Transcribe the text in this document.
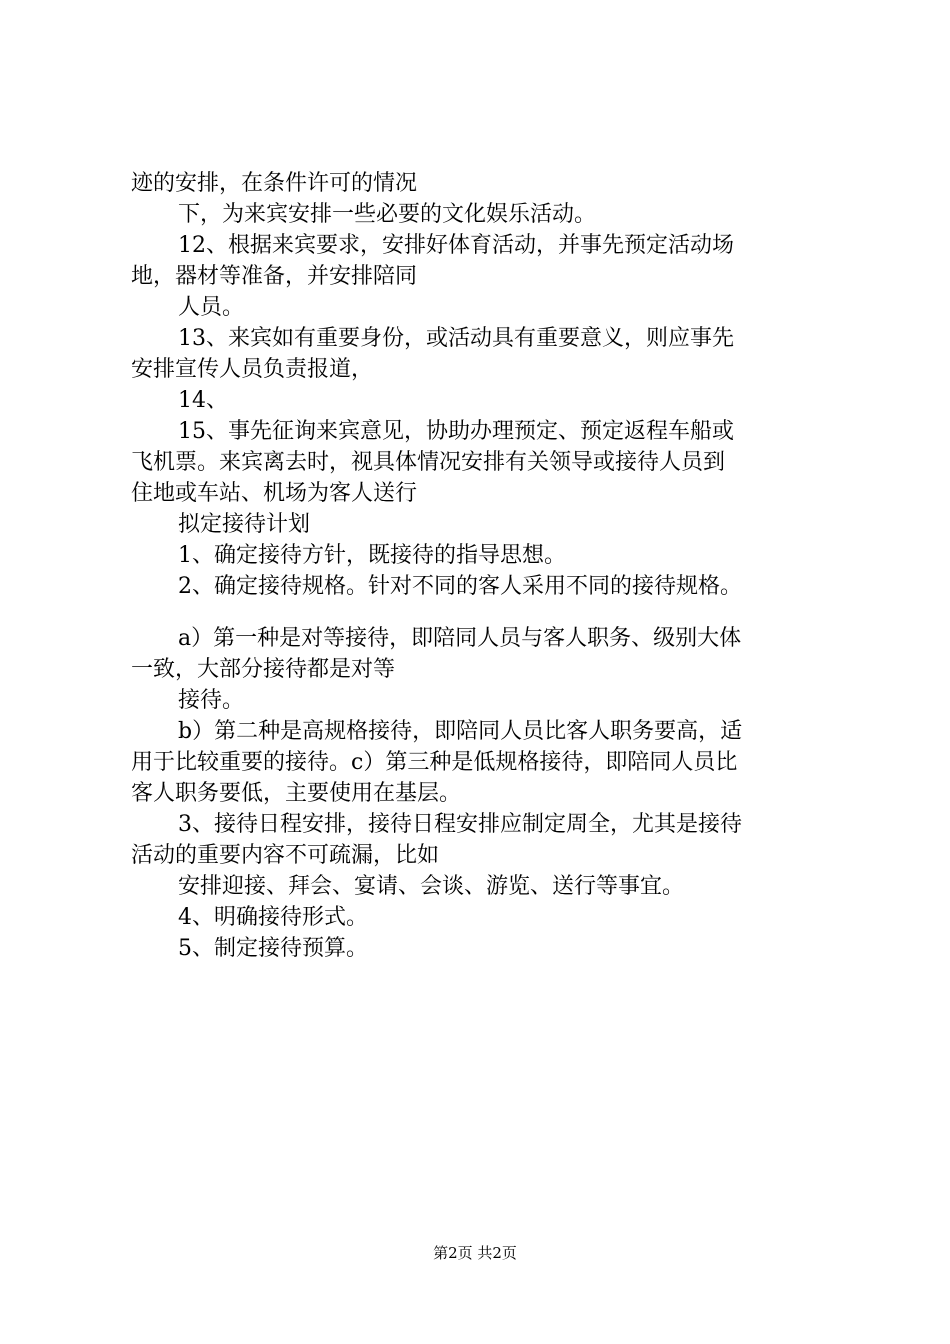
迹的安排，在条件许可的情况
下，为来宾安排一些必要的文化娱乐活动。
12、根据来宾要求，安排好体育活动，并事先预定活动场
地，器材等准备，并安排陪同
人员。
13、来宾如有重要身份，或活动具有重要意义，则应事先
安排宣传人员负责报道，
14、
15、事先征询来宾意见，协助办理预定、预定返程车船或
飞机票。来宾离去时，视具体情况安排有关领导或接待人员到
住地或车站、机场为客人送行
拟定接待计划
1、确定接待方针，既接待的指导思想。
2、确定接待规格。针对不同的客人采用不同的接待规格。
a）第一种是对等接待，即陪同人员与客人职务、级别大体
一致，大部分接待都是对等
接待。
b）第二种是高规格接待，即陪同人员比客人职务要高，适
用于比较重要的接待。c）第三种是低规格接待，即陪同人员比
客人职务要低，主要使用在基层。
3、接待日程安排，接待日程安排应制定周全，尤其是接待
活动的重要内容不可疏漏，比如
安排迎接、拜会、宴请、会谈、游览、送行等事宜。
4、明确接待形式。
5、制定接待预算。
第2页 共2页
